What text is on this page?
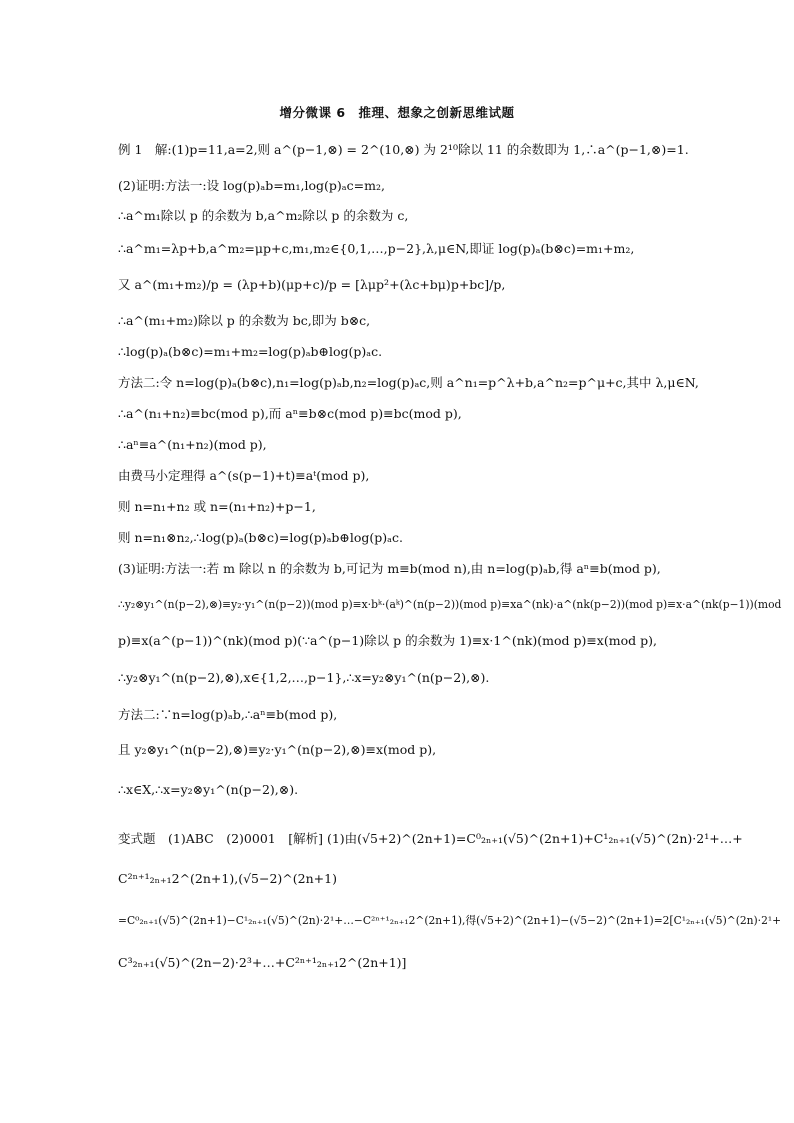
增分微课 6　推理、想象之创新思维试题
例 1　解:(1)p=11,a=2,则 a^(p−1,⊗) = 2^(10,⊗) 为 2¹⁰除以 11 的余数即为 1,∴a^(p−1,⊗)=1.
(2)证明:方法一:设 log(p)ₐb=m₁,log(p)ₐc=m₂,
∴a^m₁除以 p 的余数为 b,a^m₂除以 p 的余数为 c,
∴a^m₁=λp+b,a^m₂=μp+c,m₁,m₂∈{0,1,…,p−2},λ,μ∈N,即证 log(p)ₐ(b⊗c)=m₁+m₂,
又 a^(m₁+m₂)/p = (λp+b)(μp+c)/p = [λμp²+(λc+bμ)p+bc]/p,
∴a^(m₁+m₂)除以 p 的余数为 bc,即为 b⊗c,
∴log(p)ₐ(b⊗c)=m₁+m₂=log(p)ₐb⊕log(p)ₐc.
方法二:令 n=log(p)ₐ(b⊗c),n₁=log(p)ₐb,n₂=log(p)ₐc,则 a^n₁=p^λ+b,a^n₂=p^μ+c,其中 λ,μ∈N,
∴a^(n₁+n₂)≡bc(mod p),而 aⁿ≡b⊗c(mod p)≡bc(mod p),
∴aⁿ≡a^(n₁+n₂)(mod p),
由费马小定理得 a^(s(p−1)+t)≡aᵗ(mod p),
则 n=n₁+n₂ 或 n=(n₁+n₂)+p−1,
则 n=n₁⊗n₂,∴log(p)ₐ(b⊗c)=log(p)ₐb⊕log(p)ₐc.
(3)证明:方法一:若 m 除以 n 的余数为 b,可记为 m≡b(mod n),由 n=log(p)ₐb,得 aⁿ≡b(mod p),
∴y₂⊗y₁^(n(p−2),⊗)≡y₂·y₁^(n(p−2))(mod p)≡x·bᵏ·(aᵏ)^(n(p−2))(mod p)≡xa^(nk)·a^(nk(p−2))(mod p)≡x·a^(nk(p−1))(mod
p)≡x(a^(p−1))^(nk)(mod p)(∵a^(p−1)除以 p 的余数为 1)≡x·1^(nk)(mod p)≡x(mod p),
∴y₂⊗y₁^(n(p−2),⊗),x∈{1,2,…,p−1},∴x=y₂⊗y₁^(n(p−2),⊗).
方法二:∵n=log(p)ₐb,∴aⁿ≡b(mod p),
且 y₂⊗y₁^(n(p−2),⊗)≡y₂·y₁^(n(p−2),⊗)≡x(mod p),
∴x∈X,∴x=y₂⊗y₁^(n(p−2),⊗).
变式题　(1)ABC　(2)0001　[解析] (1)由(√5+2)^(2n+1)=C⁰₂ₙ₊₁(√5)^(2n+1)+C¹₂ₙ₊₁(√5)^(2n)·2¹+…+
C²ⁿ⁺¹₂ₙ₊₁2^(2n+1),(√5−2)^(2n+1)
=C⁰₂ₙ₊₁(√5)^(2n+1)−C¹₂ₙ₊₁(√5)^(2n)·2¹+…−C²ⁿ⁺¹₂ₙ₊₁2^(2n+1),得(√5+2)^(2n+1)−(√5−2)^(2n+1)=2[C¹₂ₙ₊₁(√5)^(2n)·2¹+
C³₂ₙ₊₁(√5)^(2n−2)·2³+…+C²ⁿ⁺¹₂ₙ₊₁2^(2n+1)]
